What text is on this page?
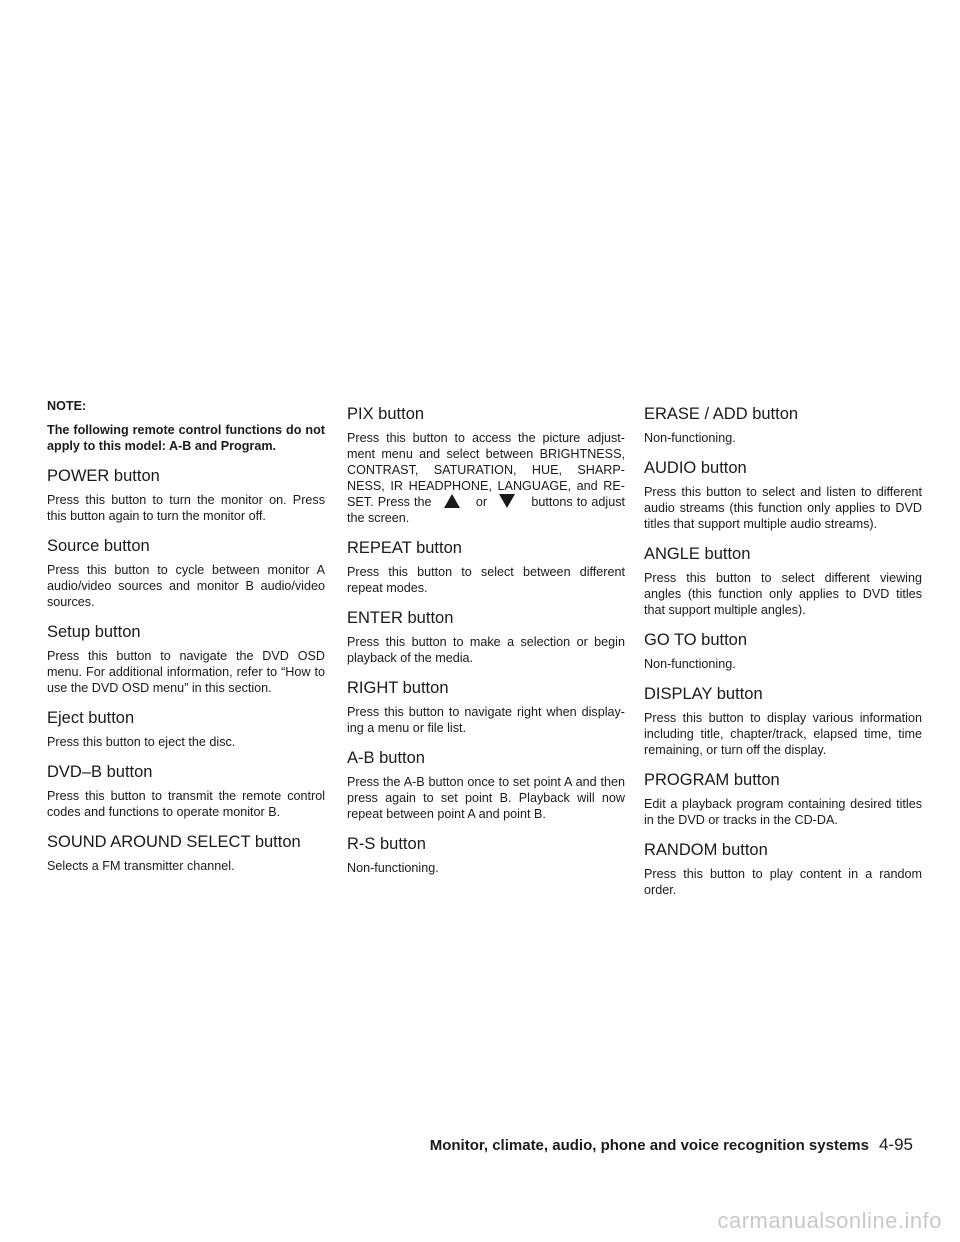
NOTE:

The following remote control functions do not apply to this model: A-B and Program.

POWER button

Press this button to turn the monitor on. Press this button again to turn the monitor off.

Source button

Press this button to cycle between monitor A audio/video sources and monitor B audio/video sources.

Setup button

Press this button to navigate the DVD OSD menu. For additional information, refer to “How to use the DVD OSD menu” in this section.

Eject button

Press this button to eject the disc.

DVD–B button

Press this button to transmit the remote control codes and functions to operate monitor B.

SOUND AROUND SELECT button

Selects a FM transmitter channel.

PIX button

Press this button to access the picture adjust-ment menu and select between BRIGHTNESS, CONTRAST, SATURATION, HUE, SHARP-NESS, IR HEADPHONE, LANGUAGE, and RE-SET. Press the	or	buttons to adjust the screen.

REPEAT button

Press this button to select between different repeat modes.

ENTER button

Press this button to make a selection or begin playback of the media.

RIGHT button

Press this button to navigate right when display-ing a menu or file list.

A-B button

Press the A-B button once to set point A and then press again to set point B. Playback will now repeat between point A and point B.

R-S button

Non-functioning.

ERASE / ADD button

Non-functioning.

AUDIO button

Press this button to select and listen to different audio streams (this function only applies to DVD titles that support multiple audio streams).

ANGLE button

Press this button to select different viewing angles (this function only applies to DVD titles that support multiple angles).

GO TO button

Non-functioning.

DISPLAY button

Press this button to display various information including title, chapter/track, elapsed time, time remaining, or turn off the display.

PROGRAM button

Edit a playback program containing desired titles in the DVD or tracks in the CD-DA.

RANDOM button

Press this button to play content in a random order.

Monitor, climate, audio, phone and voice recognition systems 4-95
carmanualsonline.info
